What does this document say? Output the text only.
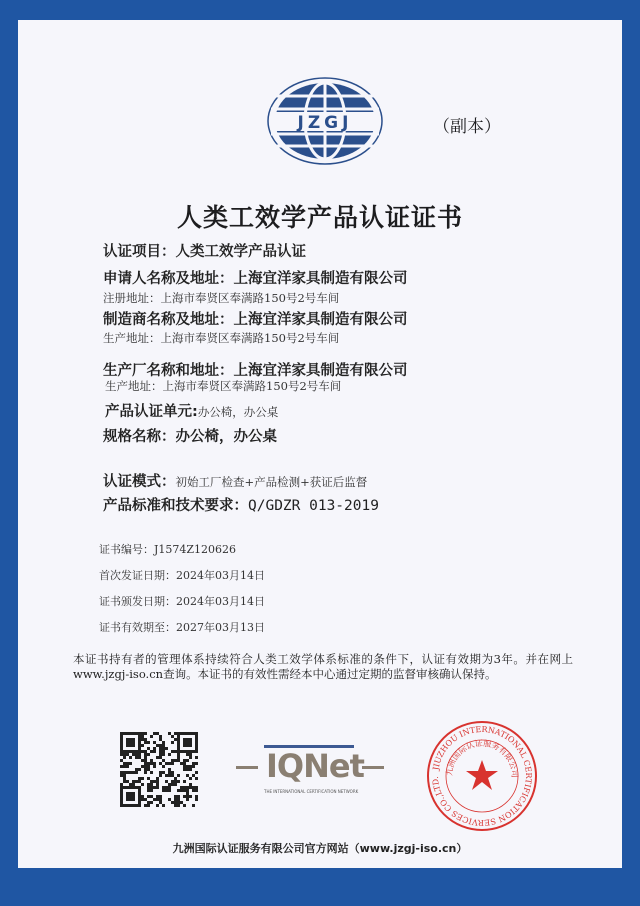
JZGJ	（副本）
人类工效学产品认证证书
认证项目：人类工效学产品认证
申请人名称及地址：上海宜洋家具制造有限公司
注册地址：上海市奉贤区奉满路150号2号车间
制造商名称及地址：上海宜洋家具制造有限公司
生产地址：上海市奉贤区奉满路150号2号车间
生产厂名称和地址：上海宜洋家具制造有限公司
生产地址：上海市奉贤区奉满路150号2号车间
产品认证单元:办公椅，办公桌
规格名称：办公椅，办公桌
认证模式：初始工厂检查+产品检测+获证后监督
产品标准和技术要求：Q/GDZR 013-2019
证书编号：J1574Z120626
首次发证日期：2024年03月14日
证书颁发日期：2024年03月14日
证书有效期至：2027年03月13日
本证书持有者的管理体系持续符合人类工效学体系标准的条件下，认证有效期为3年。并在网上www.jzgj-iso.cn查询。本证书的有效性需经本中心通过定期的监督审核确认保持。
IQNet
THE INTERNATIONAL CERTIFICATION NETWORK
JIUZHOU INTERNATIONAL CERTIFICATION SERVICES CO.,LTD.
九洲国际认证服务有限公司
九洲国际认证服务有限公司官方网站（www.jzgj-iso.cn）
